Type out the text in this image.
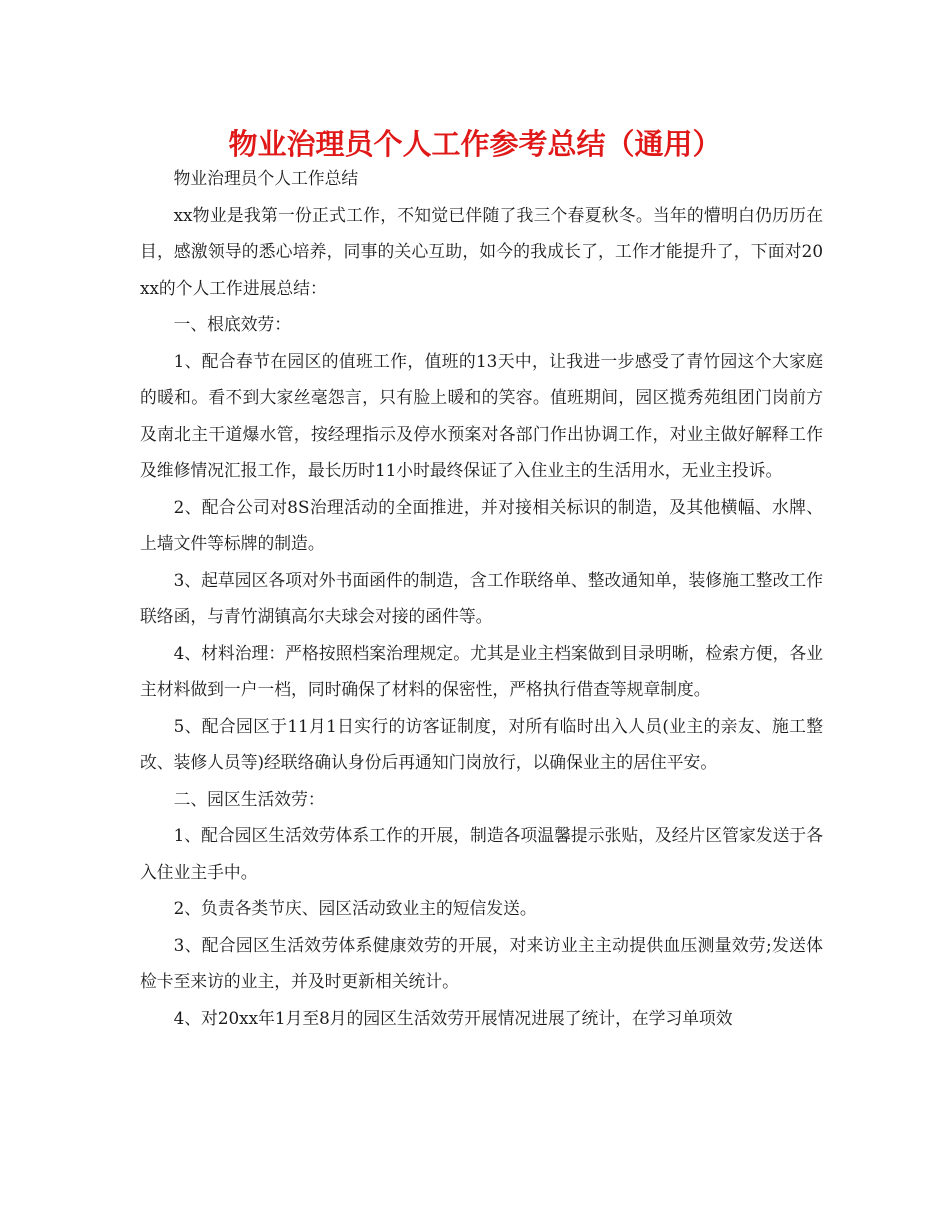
物业治理员个人工作参考总结（通用）

物业治理员个人工作总结

xx物业是我第一份正式工作，不知觉已伴随了我三个春夏秋冬。当年的懵明白仍历历在目，感激领导的悉心培养，同事的关心互助，如今的我成长了，工作才能提升了，下面对20xx的个人工作进展总结：

一、根底效劳：

1、配合春节在园区的值班工作，值班的13天中，让我进一步感受了青竹园这个大家庭的暖和。看不到大家丝毫怨言，只有脸上暖和的笑容。值班期间，园区揽秀苑组团门岗前方及南北主干道爆水管，按经理指示及停水预案对各部门作出协调工作，对业主做好解释工作及维修情况汇报工作，最长历时11小时最终保证了入住业主的生活用水，无业主投诉。

2、配合公司对8S治理活动的全面推进，并对接相关标识的制造，及其他横幅、水牌、上墙文件等标牌的制造。

3、起草园区各项对外书面函件的制造，含工作联络单、整改通知单，装修施工整改工作联络函，与青竹湖镇高尔夫球会对接的函件等。

4、材料治理：严格按照档案治理规定。尤其是业主档案做到目录明晰，检索方便，各业主材料做到一户一档，同时确保了材料的保密性，严格执行借查等规章制度。

5、配合园区于11月1日实行的访客证制度，对所有临时出入人员(业主的亲友、施工整改、装修人员等)经联络确认身份后再通知门岗放行，以确保业主的居住平安。

二、园区生活效劳：

1、配合园区生活效劳体系工作的开展，制造各项温馨提示张贴，及经片区管家发送于各入住业主手中。

2、负责各类节庆、园区活动致业主的短信发送。

3、配合园区生活效劳体系健康效劳的开展，对来访业主主动提供血压测量效劳;发送体检卡至来访的业主，并及时更新相关统计。

4、对20xx年1月至8月的园区生活效劳开展情况进展了统计，在学习单项效
